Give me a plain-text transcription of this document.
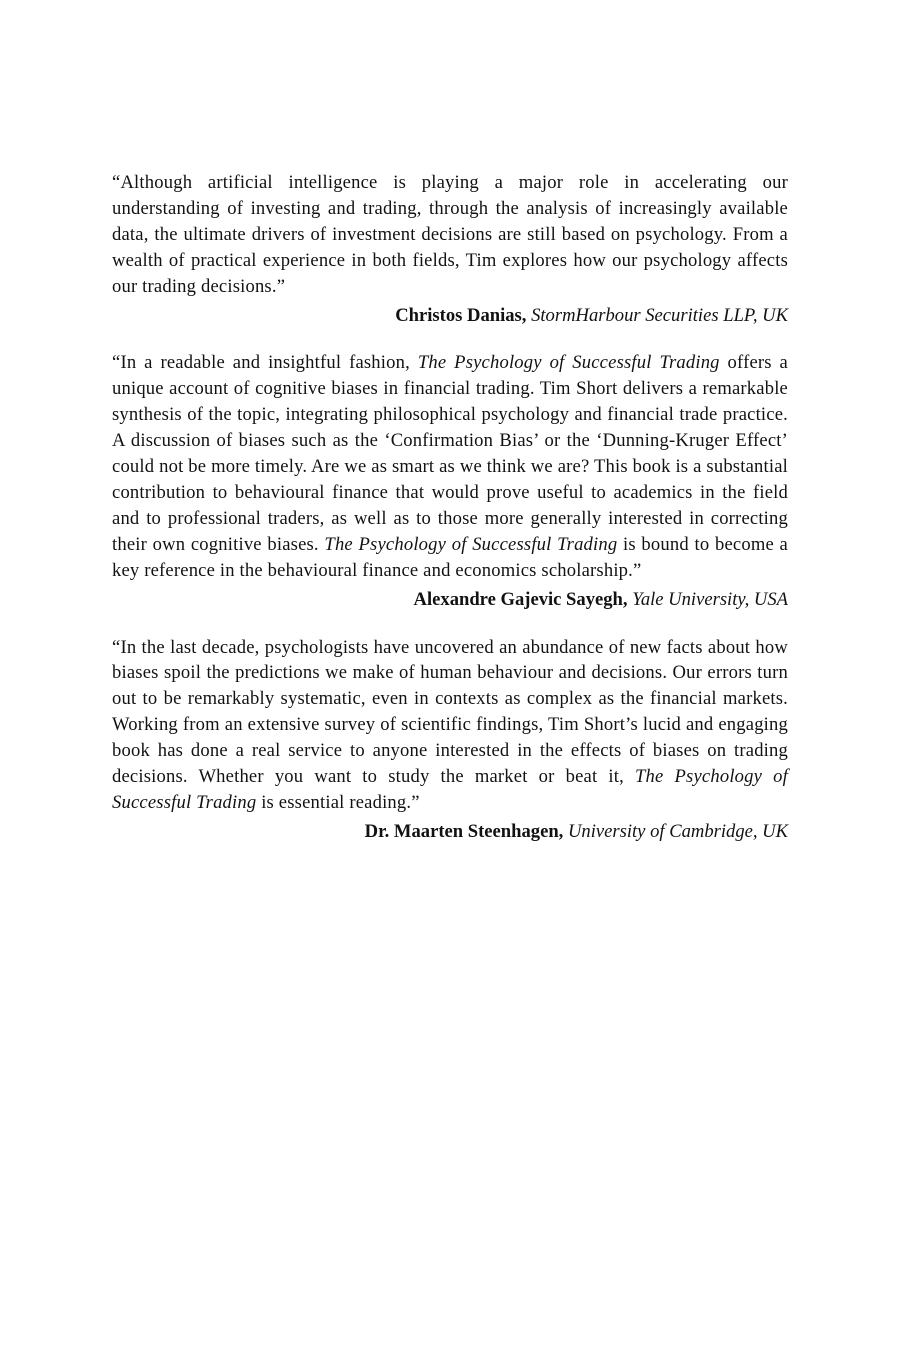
“Although artificial intelligence is playing a major role in accelerating our understanding of investing and trading, through the analysis of increasingly available data, the ultimate drivers of investment decisions are still based on psychology. From a wealth of practical experience in both fields, Tim explores how our psychology affects our trading decisions.”

Christos Danias, StormHarbour Securities LLP, UK

“In a readable and insightful fashion, The Psychology of Successful Trading offers a unique account of cognitive biases in financial trading. Tim Short delivers a remarkable synthesis of the topic, integrating philosophical psychology and financial trade practice. A discussion of biases such as the ‘Confirmation Bias’ or the ‘Dunning-Kruger Effect’ could not be more timely. Are we as smart as we think we are? This book is a substantial contribution to behavioural finance that would prove useful to academics in the field and to professional traders, as well as to those more generally interested in correcting their own cognitive biases. The Psychology of Successful Trading is bound to become a key reference in the behavioural finance and economics scholarship.”

Alexandre Gajevic Sayegh, Yale University, USA

“In the last decade, psychologists have uncovered an abundance of new facts about how biases spoil the predictions we make of human behaviour and decisions. Our errors turn out to be remarkably systematic, even in contexts as complex as the financial markets. Working from an extensive survey of scientific findings, Tim Short’s lucid and engaging book has done a real service to anyone interested in the effects of biases on trading decisions. Whether you want to study the market or beat it, The Psychology of Successful Trading is essential reading.”

Dr. Maarten Steenhagen, University of Cambridge, UK
